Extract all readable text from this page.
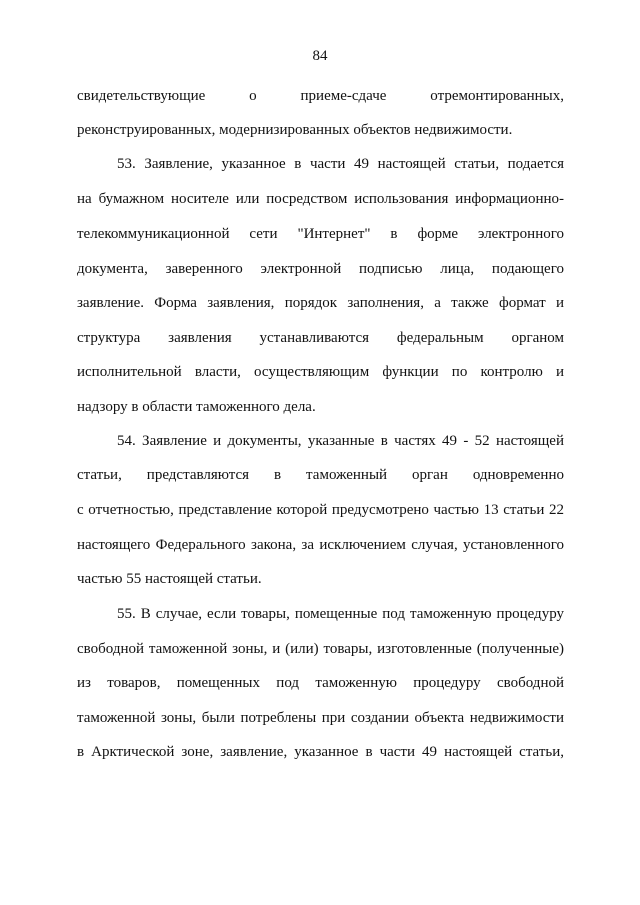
84
свидетельствующие о приеме-сдаче отремонтированных,
реконструированных, модернизированных объектов недвижимости.
53. Заявление, указанное в части 49 настоящей статьи, подается
на бумажном носителе или посредством использования информационно-
телекоммуникационной сети "Интернет" в форме электронного
документа, заверенного электронной подписью лица, подающего
заявление. Форма заявления, порядок заполнения, а также формат и
структура заявления устанавливаются федеральным органом
исполнительной власти, осуществляющим функции по контролю и
надзору в области таможенного дела.
54. Заявление и документы, указанные в частях 49 - 52 настоящей
статьи, представляются в таможенный орган одновременно
с отчетностью, представление которой предусмотрено частью 13 статьи 22
настоящего Федерального закона, за исключением случая, установленного
частью 55 настоящей статьи.
55. В случае, если товары, помещенные под таможенную процедуру
свободной таможенной зоны, и (или) товары, изготовленные (полученные)
из товаров, помещенных под таможенную процедуру свободной
таможенной зоны, были потреблены при создании объекта недвижимости
в Арктической зоне, заявление, указанное в части 49 настоящей статьи,
